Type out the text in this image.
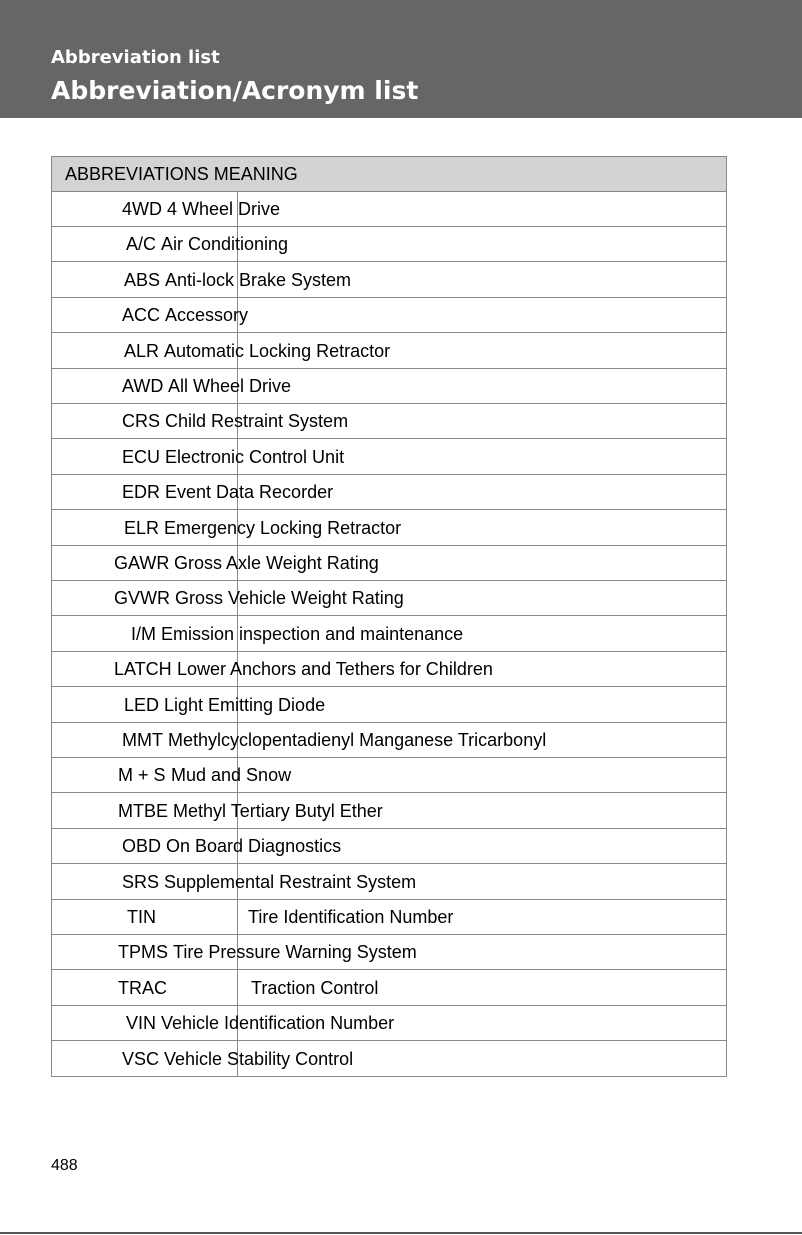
Abbreviation list
Abbreviation/Acronym list
ABBREVIATIONS MEANING
4WD 4 Wheel Drive
A/C Air Conditioning
ABS Anti-lock Brake System
ACC Accessory
ALR Automatic Locking Retractor
AWD All Wheel Drive
CRS Child Restraint System
ECU Electronic Control Unit
EDR Event Data Recorder
ELR Emergency Locking Retractor
GAWR Gross Axle Weight Rating
GVWR Gross Vehicle Weight Rating
I/M Emission inspection and maintenance
LATCH Lower Anchors and Tethers for Children
LED Light Emitting Diode
MMT Methylcyclopentadienyl Manganese Tricarbonyl
M + S Mud and Snow
MTBE Methyl Tertiary Butyl Ether
OBD On Board Diagnostics
SRS Supplemental Restraint System
TIN	Tire Identification Number
TPMS Tire Pressure Warning System
TRAC	Traction Control
VIN Vehicle Identification Number
VSC Vehicle Stability Control
488
